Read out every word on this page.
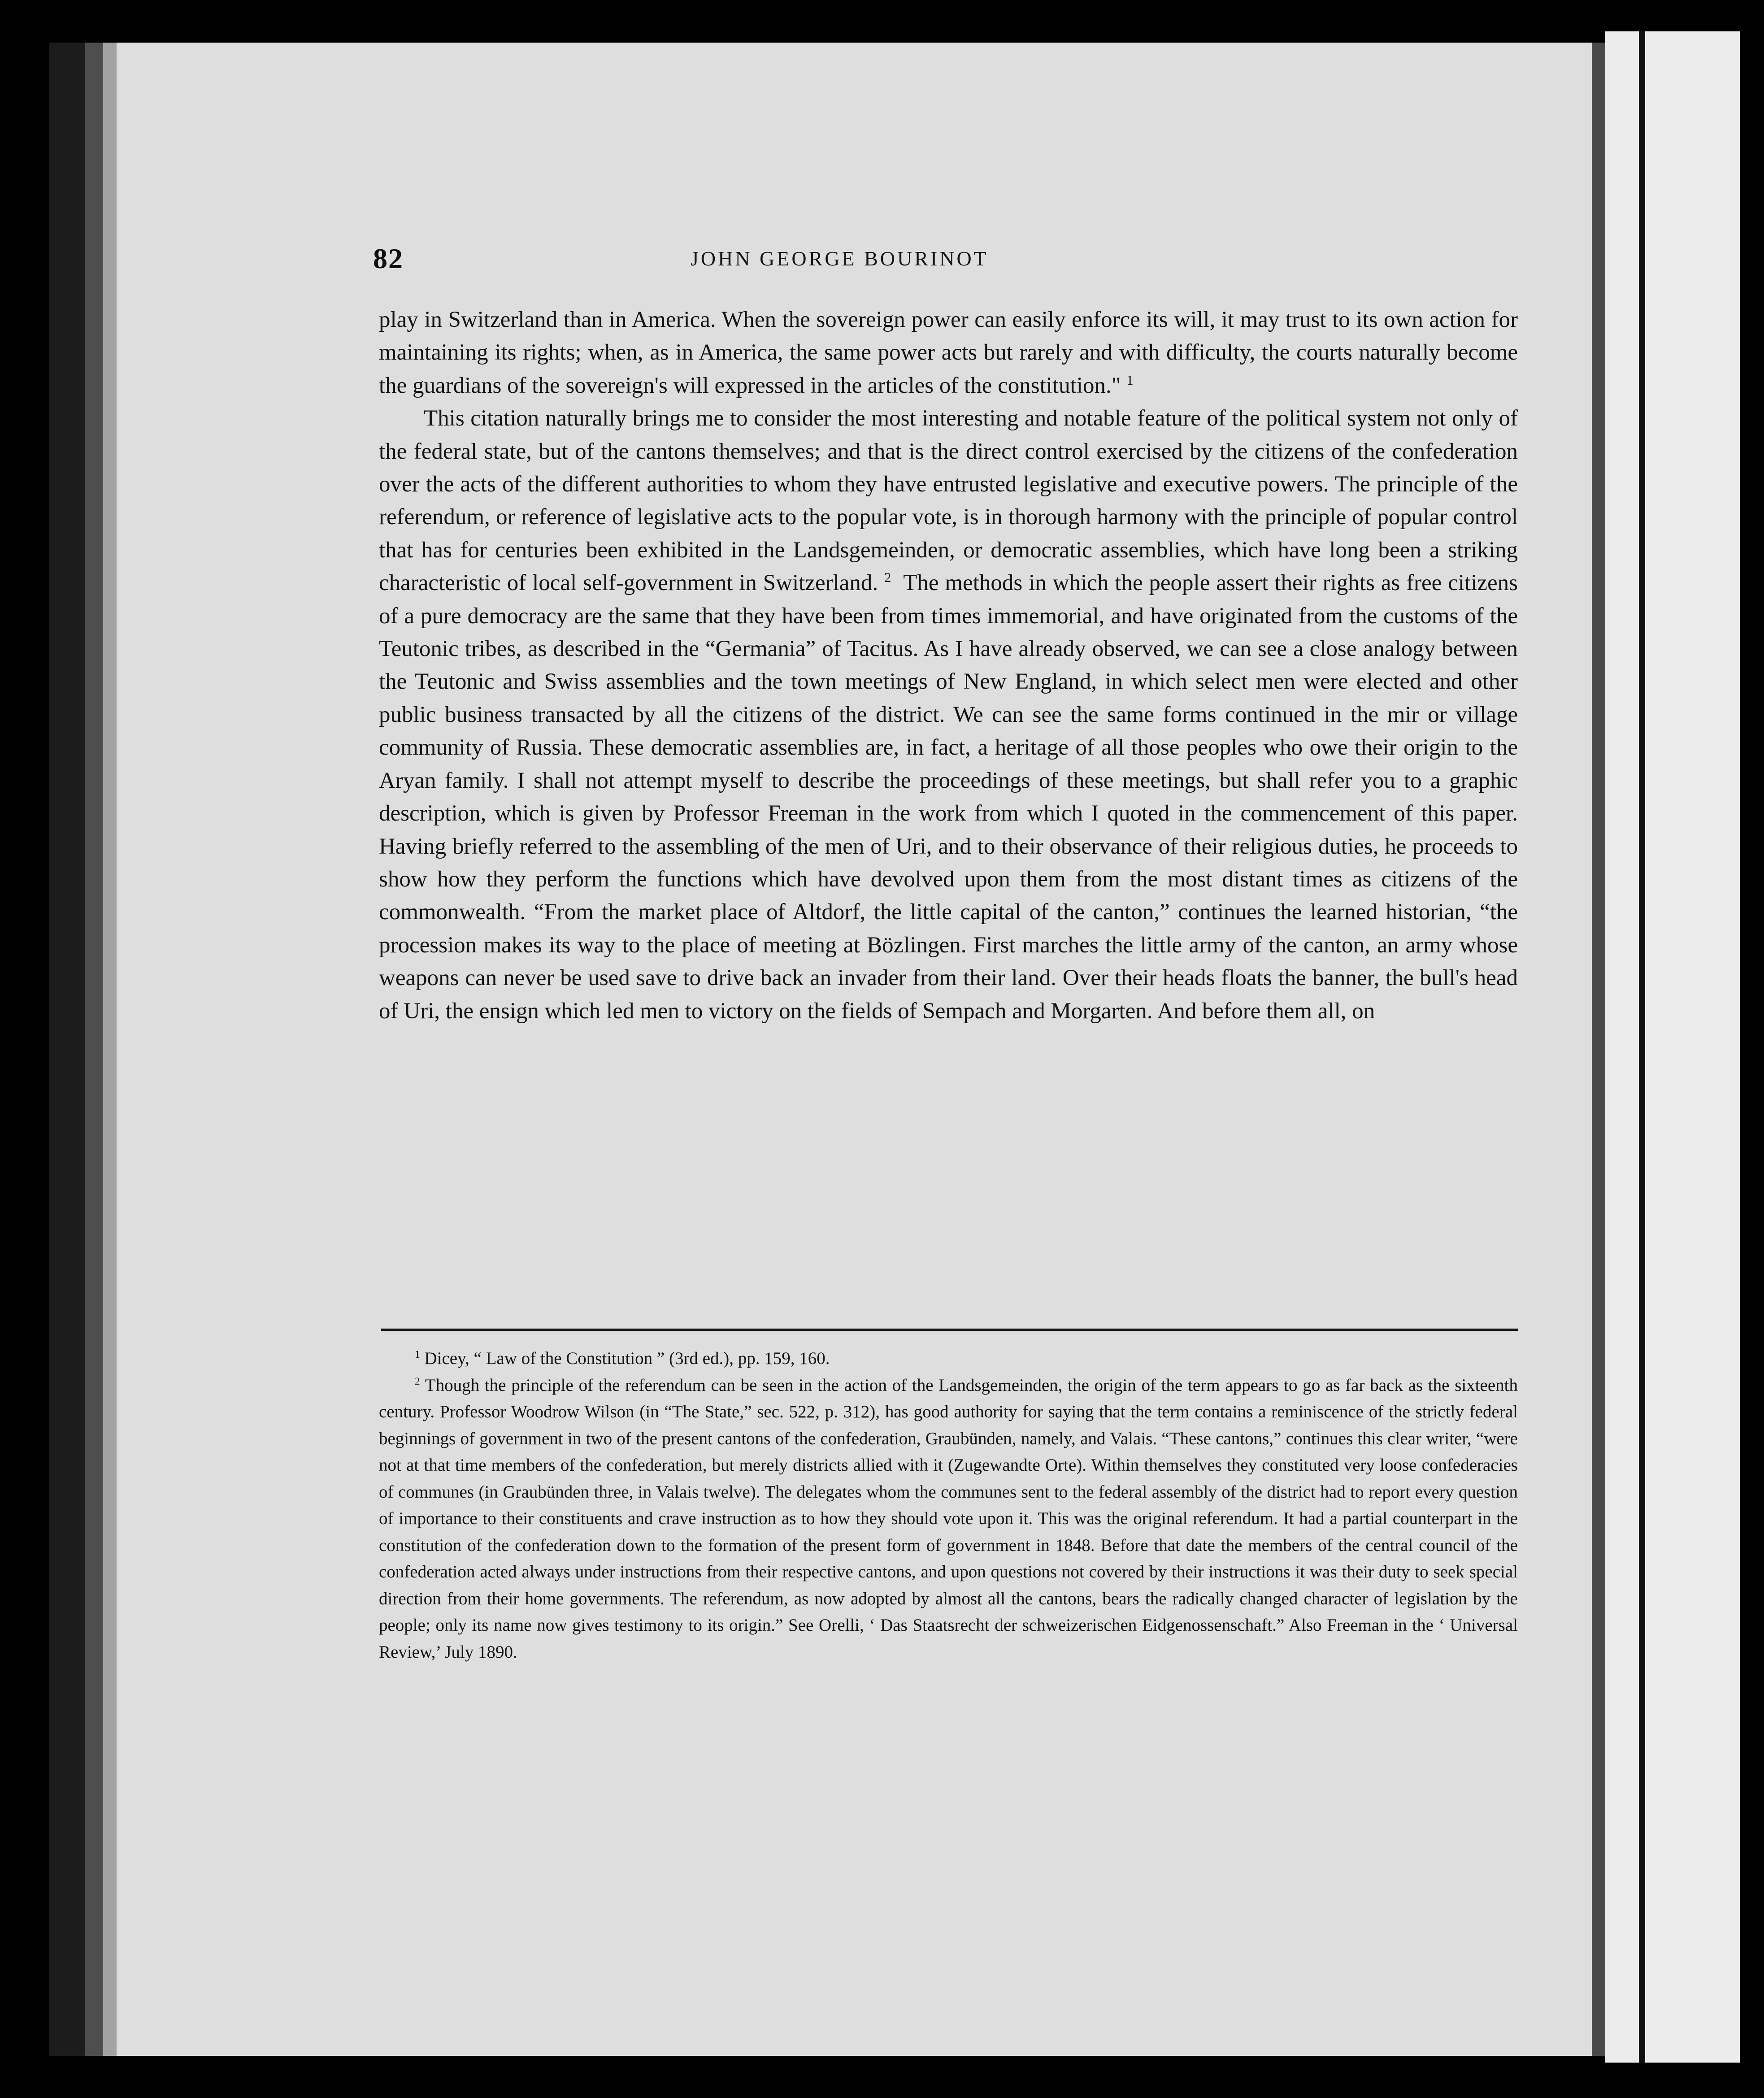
82	JOHN GEORGE BOURINOT

play in Switzerland than in America. When the sovereign power can easily enforce its will, it may trust to its own action for maintaining its rights; when, as in America, the same power acts but rarely and with difficulty, the courts naturally become the guardians of the sovereign's will expressed in the articles of the constitution." $^1$

This citation naturally brings me to consider the most interesting and notable feature of the political system not only of the federal state, but of the cantons themselves; and that is the direct control exercised by the citizens of the confederation over the acts of the different authorities to whom they have entrusted legislative and executive powers. The principle of the referendum, or reference of legislative acts to the popular vote, is in thorough harmony with the principle of popular control that has for centuries been exhibited in the Landsgemeinden, or democratic assemblies, which have long been a striking characteristic of local self-government in Switzerland. $^2$ The methods in which the people assert their rights as free citizens of a pure democracy are the same that they have been from times immemorial, and have originated from the customs of the Teutonic tribes, as described in the “Germania” of Tacitus. As I have already observed, we can see a close analogy between the Teutonic and Swiss assemblies and the town meetings of New England, in which select men were elected and other public business transacted by all the citizens of the district. We can see the same forms continued in the mir or village community of Russia. These democratic assemblies are, in fact, a heritage of all those peoples who owe their origin to the Aryan family. I shall not attempt myself to describe the proceedings of these meetings, but shall refer you to a graphic description, which is given by Professor Freeman in the work from which I quoted in the commencement of this paper. Having briefly referred to the assembling of the men of Uri, and to their observance of their religious duties, he proceeds to show how they perform the functions which have devolved upon them from the most distant times as citizens of the commonwealth. “From the market place of Altdorf, the little capital of the canton,” continues the learned historian, “the procession makes its way to the place of meeting at Bözlingen. First marches the little army of the canton, an army whose weapons can never be used save to drive back an invader from their land. Over their heads floats the banner, the bull's head of Uri, the ensign which led men to victory on the fields of Sempach and Morgarten. And before them all, on

$^1$ Dicey, “ Law of the Constitution ” (3rd ed.), pp. 159, 160.

$^2$ Though the principle of the referendum can be seen in the action of the Landsgemeinden, the origin of the term appears to go as far back as the sixteenth century. Professor Woodrow Wilson (in “The State,” sec. 522, p. 312), has good authority for saying that the term contains a reminiscence of the strictly federal beginnings of government in two of the present cantons of the confederation, Graubünden, namely, and Valais. “These cantons,” continues this clear writer, “were not at that time members of the confederation, but merely districts allied with it (Zugewandte Orte). Within themselves they constituted very loose confederacies of communes (in Graubünden three, in Valais twelve). The delegates whom the communes sent to the federal assembly of the district had to report every question of importance to their constituents and crave instruction as to how they should vote upon it. This was the original referendum. It had a partial counterpart in the constitution of the confederation down to the formation of the present form of government in 1848. Before that date the members of the central council of the confederation acted always under instructions from their respective cantons, and upon questions not covered by their instructions it was their duty to seek special direction from their home governments. The referendum, as now adopted by almost all the cantons, bears the radically changed character of legislation by the people; only its name now gives testimony to its origin.” See Orelli, ‘ Das Staatsrecht der schweizerischen Eidgenossenschaft.” Also Freeman in the ‘ Universal Review,’ July 1890.
